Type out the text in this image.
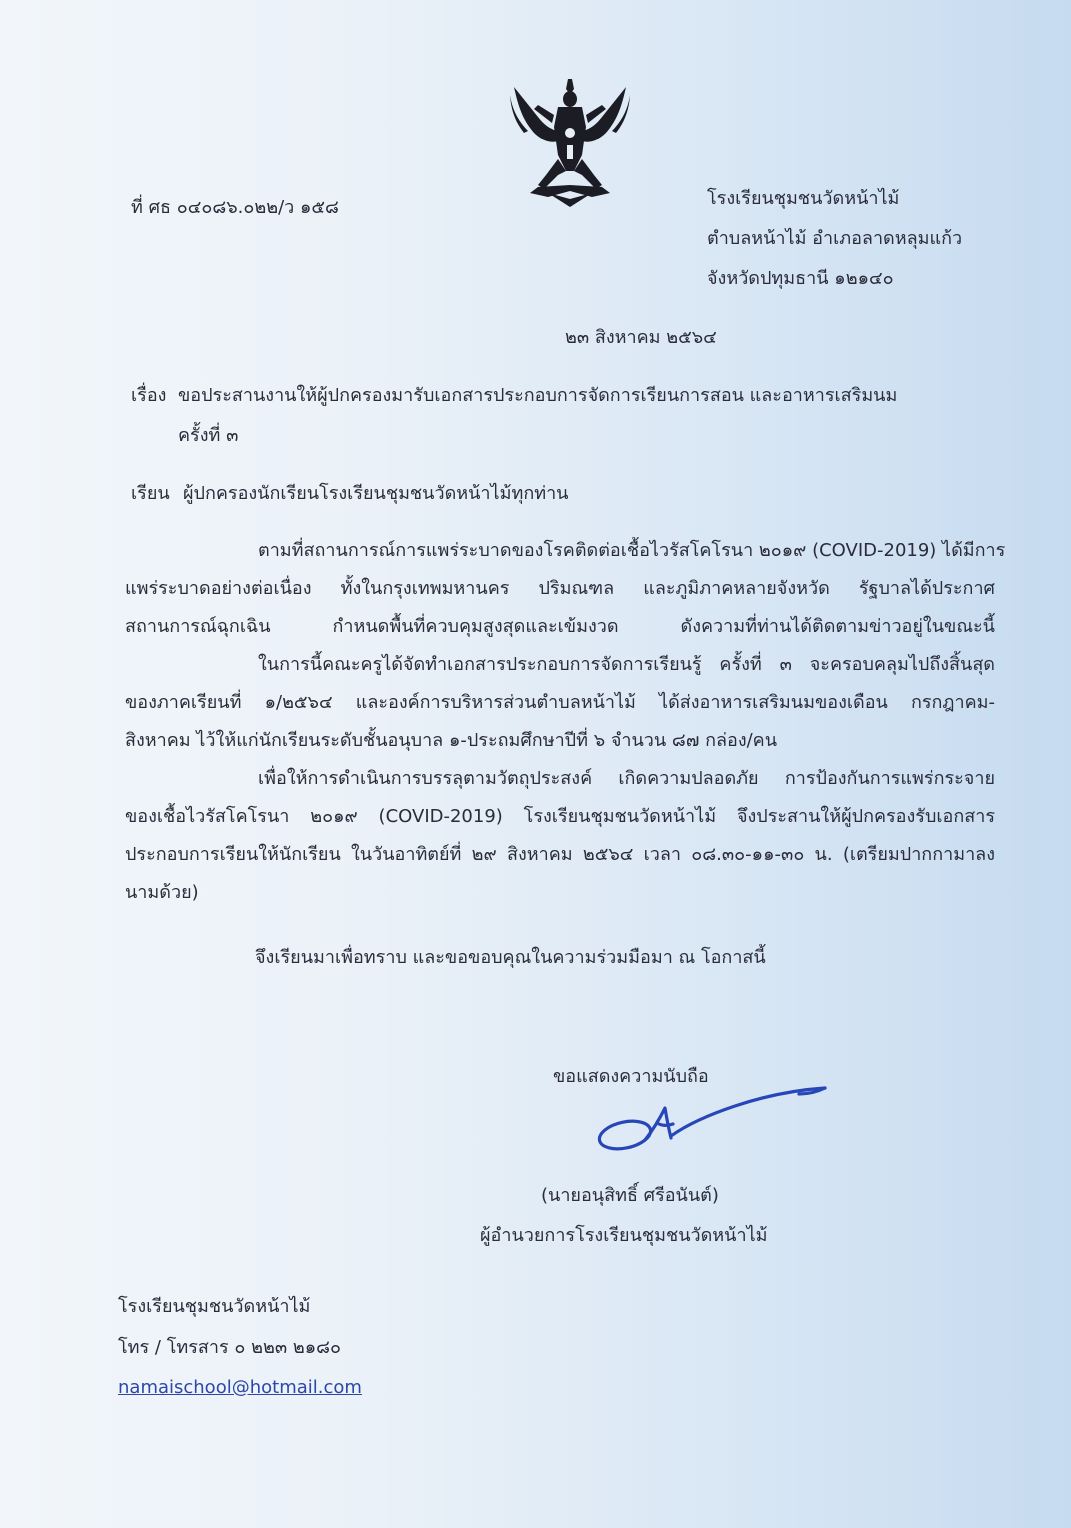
ที่ ศธ ๐๔๐๘๖.๐๒๒/ว ๑๕๘	โรงเรียนชุมชนวัดหน้าไม้
ตำบลหน้าไม้ อำเภอลาดหลุมแก้ว
จังหวัดปทุมธานี ๑๒๑๔๐
๒๓ สิงหาคม ๒๕๖๔
เรื่อง ขอประสานงานให้ผู้ปกครองมารับเอกสารประกอบการจัดการเรียนการสอน และอาหารเสริมนม
ครั้งที่ ๓
เรียน ผู้ปกครองนักเรียนโรงเรียนชุมชนวัดหน้าไม้ทุกท่าน
ตามที่สถานการณ์การแพร่ระบาดของโรคติดต่อเชื้อไวรัสโคโรนา ๒๐๑๙ (COVID-2019) ได้มีการ
แพร่ระบาดอย่างต่อเนื่อง ทั้งในกรุงเทพมหานคร ปริมณฑล และภูมิภาคหลายจังหวัด รัฐบาลได้ประกาศ
สถานการณ์ฉุกเฉิน กำหนดพื้นที่ควบคุมสูงสุดและเข้มงวด ดังความที่ท่านได้ติดตามข่าวอยู่ในขณะนี้
ในการนี้คณะครูได้จัดทำเอกสารประกอบการจัดการเรียนรู้ ครั้งที่ ๓ จะครอบคลุมไปถึงสิ้นสุด
ของภาคเรียนที่ ๑/๒๕๖๔ และองค์การบริหารส่วนตำบลหน้าไม้ ได้ส่งอาหารเสริมนมของเดือน กรกฎาคม-
สิงหาคม ไว้ให้แก่นักเรียนระดับชั้นอนุบาล ๑-ประถมศึกษาปีที่ ๖ จำนวน ๘๗ กล่อง/คน
เพื่อให้การดำเนินการบรรลุตามวัตถุประสงค์ เกิดความปลอดภัย การป้องกันการแพร่กระจาย
ของเชื้อไวรัสโคโรนา ๒๐๑๙ (COVID-2019) โรงเรียนชุมชนวัดหน้าไม้ จึงประสานให้ผู้ปกครองรับเอกสาร
ประกอบการเรียนให้นักเรียน ในวันอาทิตย์ที่ ๒๙ สิงหาคม ๒๕๖๔ เวลา ๐๘.๓๐-๑๑-๓๐ น. (เตรียมปากกามาลง
นามด้วย)
จึงเรียนมาเพื่อทราบ และขอขอบคุณในความร่วมมือมา ณ โอกาสนี้
ขอแสดงความนับถือ
(นายอนุสิทธิ์ ศรีอนันต์)
ผู้อำนวยการโรงเรียนชุมชนวัดหน้าไม้
โรงเรียนชุมชนวัดหน้าไม้
โทร / โทรสาร ๐ ๒๒๓ ๒๑๘๐
namaischool@hotmail.com
